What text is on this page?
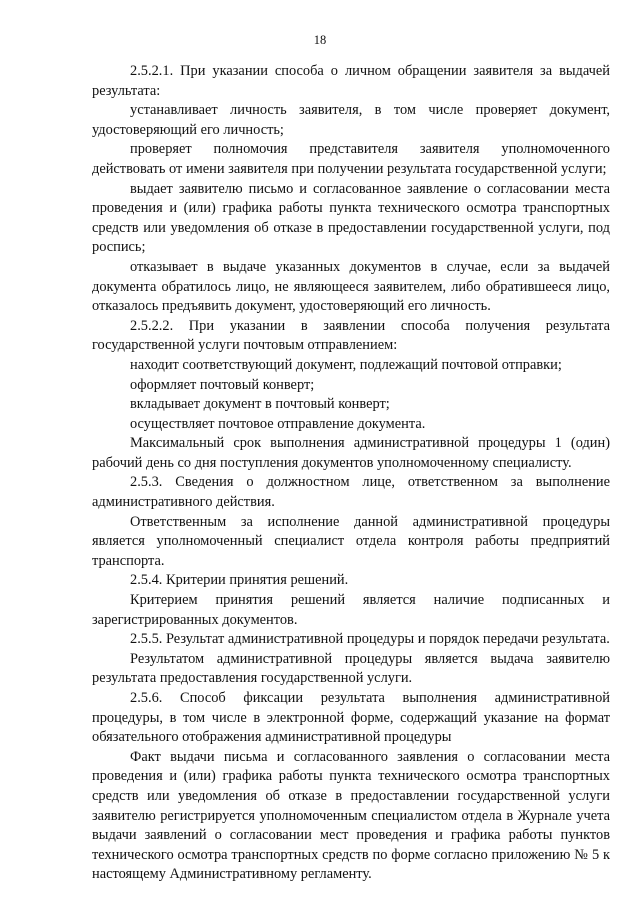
18

2.5.2.1. При указании способа о личном обращении заявителя за выдачей результата:

устанавливает личность заявителя, в том числе проверяет документ, удостоверяющий его личность;

проверяет полномочия представителя заявителя уполномоченного действовать от имени заявителя при получении результата государственной услуги;

выдает заявителю письмо и согласованное заявление о согласовании места проведения и (или) графика работы пункта технического осмотра транспортных средств или уведомления об отказе в предоставлении государственной услуги, под роспись;

отказывает в выдаче указанных документов в случае, если за выдачей документа обратилось лицо, не являющееся заявителем, либо обратившееся лицо, отказалось предъявить документ, удостоверяющий его личность.

2.5.2.2. При указании в заявлении способа получения результата государственной услуги почтовым отправлением:

находит соответствующий документ, подлежащий почтовой отправки;

оформляет почтовый конверт;

вкладывает документ в почтовый конверт;

осуществляет почтовое отправление документа.

Максимальный срок выполнения административной процедуры 1 (один) рабочий день со дня поступления документов уполномоченному специалисту.

2.5.3. Сведения о должностном лице, ответственном за выполнение административного действия.

Ответственным за исполнение данной административной процедуры является уполномоченный специалист отдела контроля работы предприятий транспорта.

2.5.4. Критерии принятия решений.

Критерием принятия решений является наличие подписанных и зарегистрированных документов.

2.5.5. Результат административной процедуры и порядок передачи результата.

Результатом административной процедуры является выдача заявителю результата предоставления государственной услуги.

2.5.6. Способ фиксации результата выполнения административной процедуры, в том числе в электронной форме, содержащий указание на формат обязательного отображения административной процедуры

Факт выдачи письма и согласованного заявления о согласовании места проведения и (или) графика работы пункта технического осмотра транспортных средств или уведомления об отказе в предоставлении государственной услуги заявителю регистрируется уполномоченным специалистом отдела в Журнале учета выдачи заявлений о согласовании мест проведения и графика работы пунктов технического осмотра транспортных средств по форме согласно приложению № 5 к настоящему Административному регламенту.
